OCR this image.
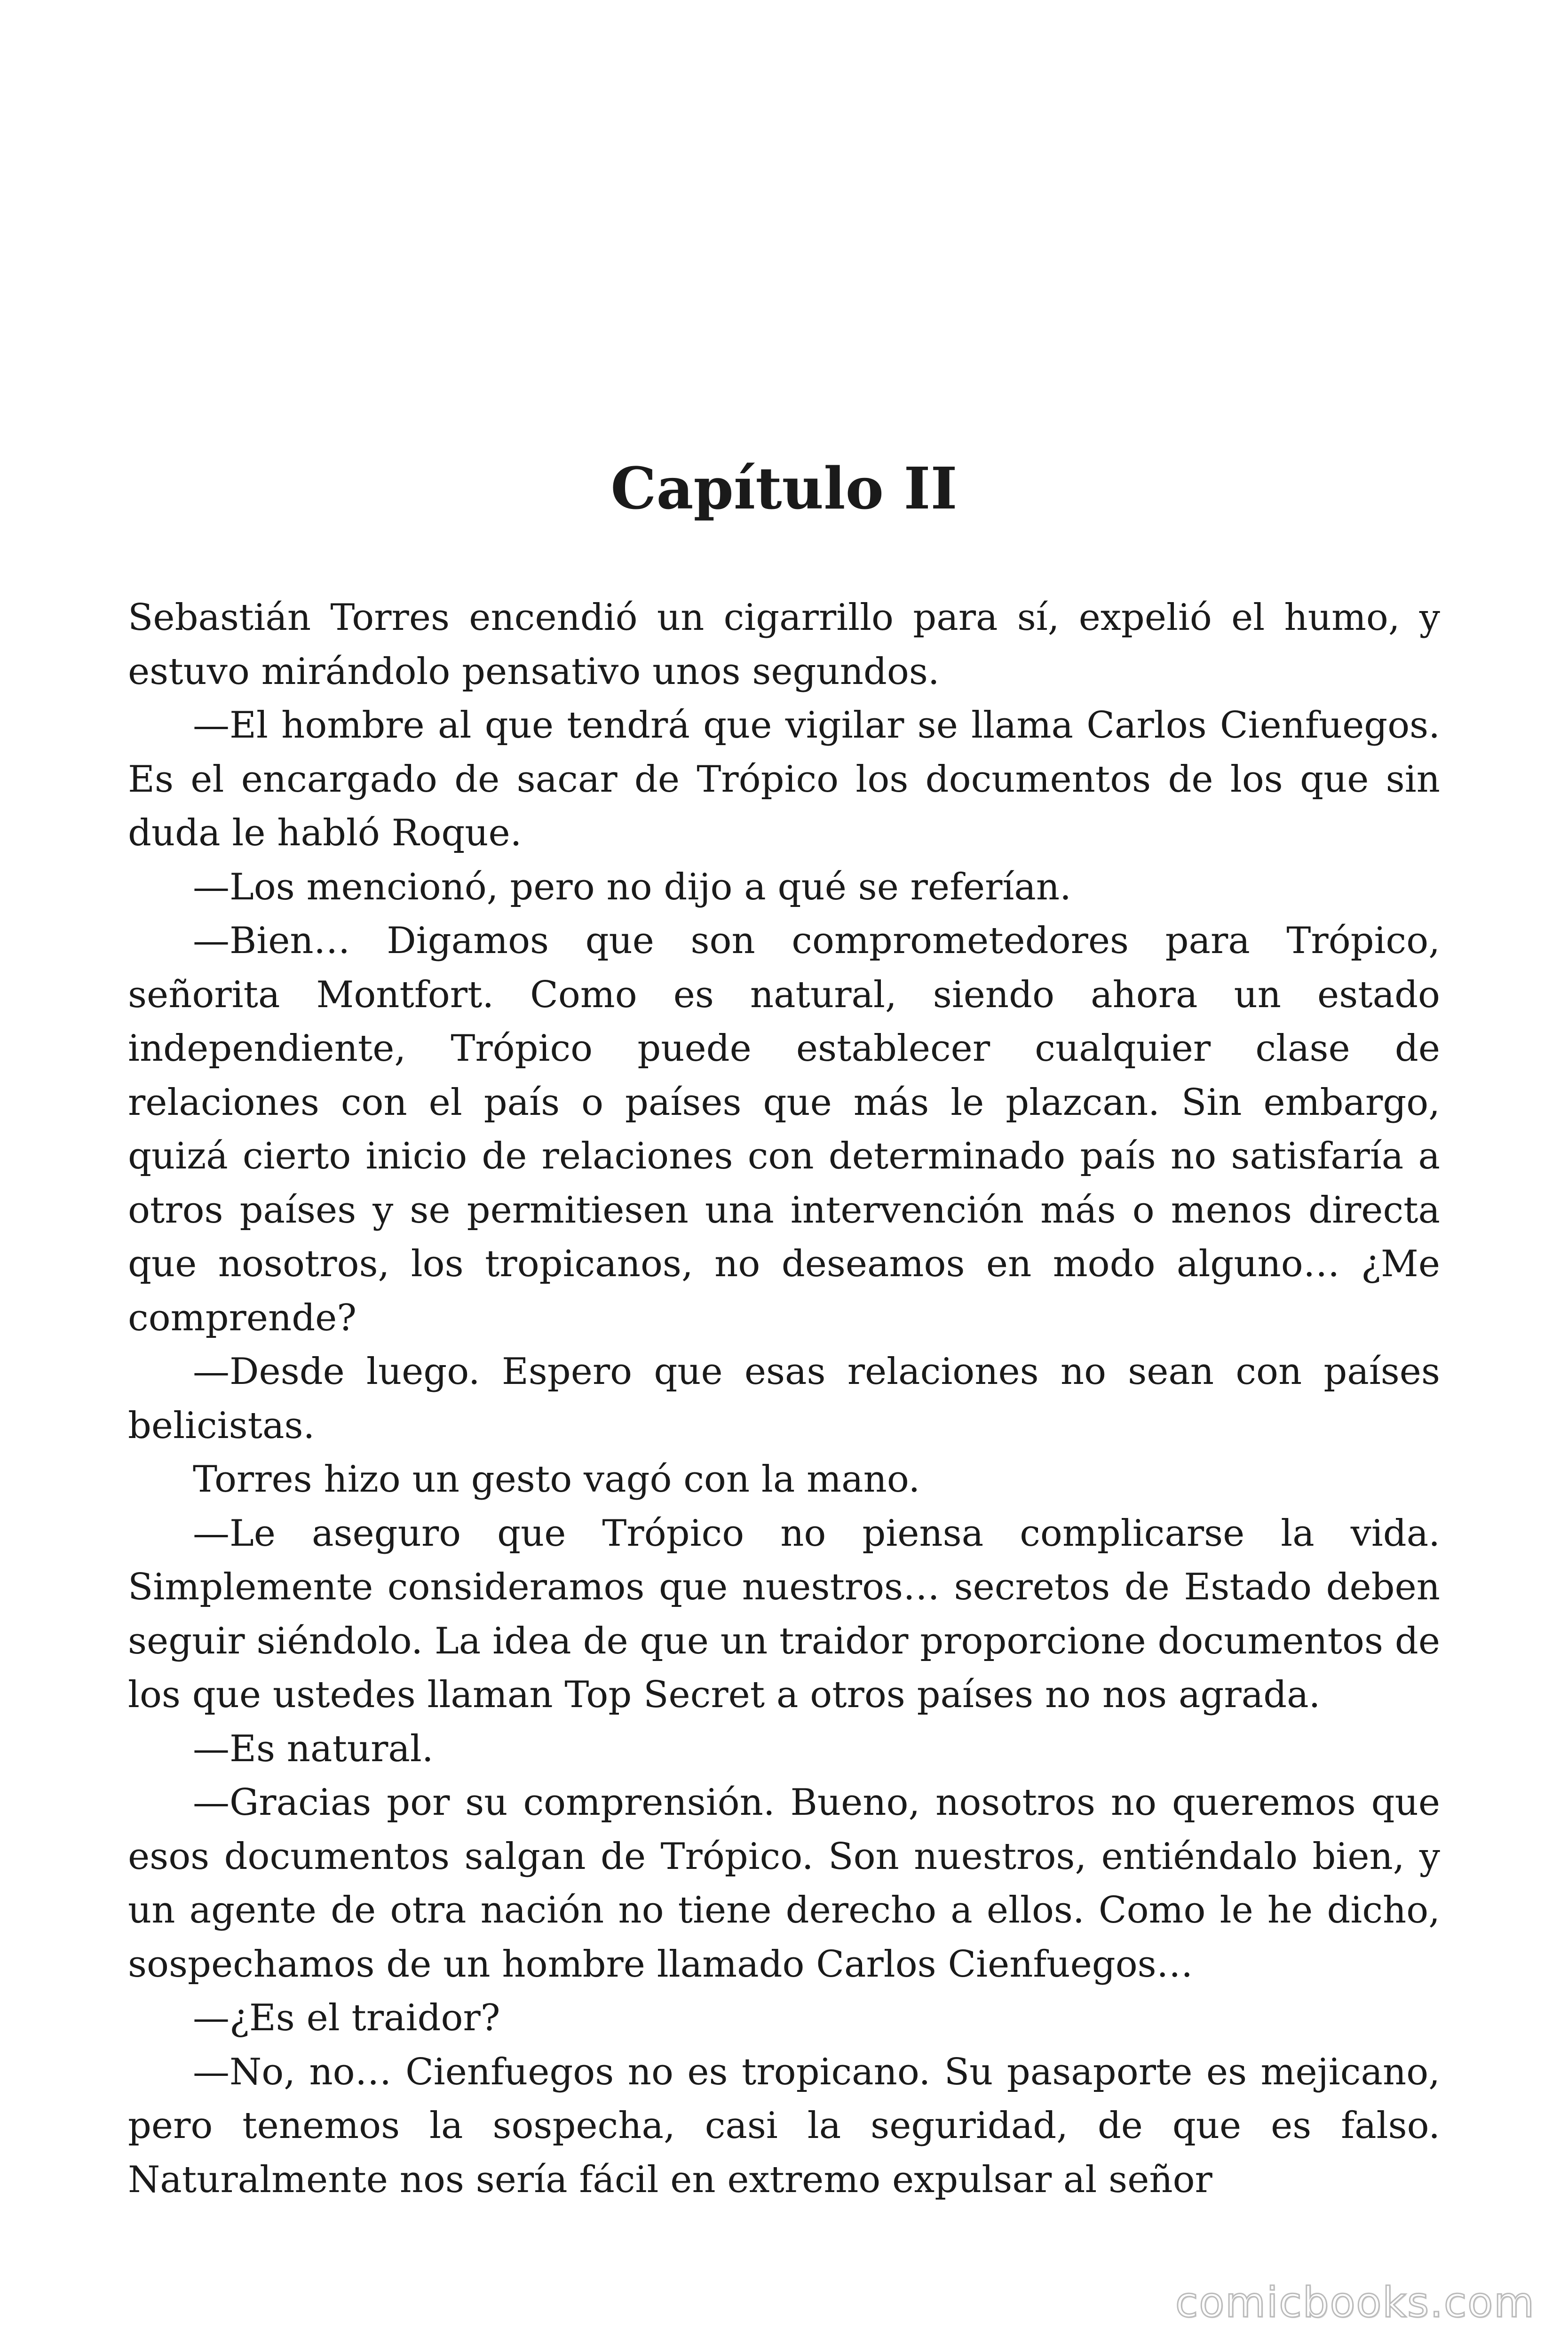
Capítulo II

Sebastián Torres encendió un cigarrillo para sí, expelió el humo, y estuvo mirándolo pensativo unos segundos.

—El hombre al que tendrá que vigilar se llama Carlos Cienfuegos. Es el encargado de sacar de Trópico los documentos de los que sin duda le habló Roque.

—Los mencionó, pero no dijo a qué se referían.

—Bien… Digamos que son comprometedores para Trópico, señorita Montfort. Como es natural, siendo ahora un estado independiente, Trópico puede establecer cualquier clase de relaciones con el país o países que más le plazcan. Sin embargo, quizá cierto inicio de relaciones con determinado país no satisfaría a otros países y se permitiesen una intervención más o menos directa que nosotros, los tropicanos, no deseamos en modo alguno… ¿Me comprende?

—Desde luego. Espero que esas relaciones no sean con países belicistas.

Torres hizo un gesto vagó con la mano.

—Le aseguro que Trópico no piensa complicarse la vida. Simplemente consideramos que nuestros… secretos de Estado deben seguir siéndolo. La idea de que un traidor proporcione documentos de los que ustedes llaman Top Secret a otros países no nos agrada.

—Es natural.

—Gracias por su comprensión. Bueno, nosotros no queremos que esos documentos salgan de Trópico. Son nuestros, entiéndalo bien, y un agente de otra nación no tiene derecho a ellos. Como le he dicho, sospechamos de un hombre llamado Carlos Cienfuegos…

—¿Es el traidor?

—No, no… Cienfuegos no es tropicano. Su pasaporte es mejicano, pero tenemos la sospecha, casi la seguridad, de que es falso. Naturalmente nos sería fácil en extremo expulsar al señor

comicbooks.com
